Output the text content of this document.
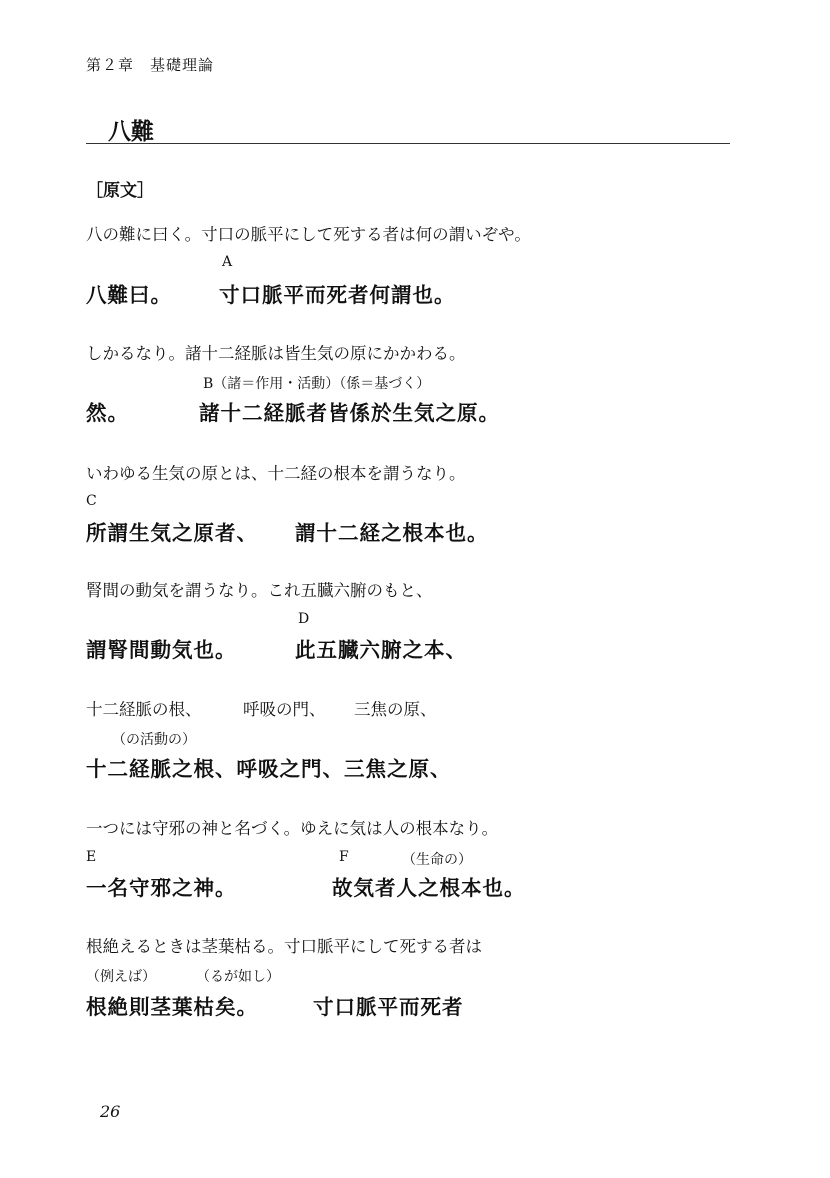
第２章　基礎理論
八難
［原文］
八の難に曰く。寸口の脈平にして死する者は何の謂いぞや。
A
八難曰。 寸口脈平而死者何謂也。
しかるなり。諸十二経脈は皆生気の原にかかわる。
B（諸＝作用・活動）（係＝基づく）
然。	諸十二経脈者皆係於生気之原。
いわゆる生気の原とは、十二経の根本を謂うなり。
C
所謂生気之原者、 謂十二経之根本也。
腎間の動気を謂うなり。これ五臓六腑のもと、
D
謂腎間動気也。	此五臓六腑之本、
十二経脈の根、	呼吸の門、 三焦の原、
（の活動の）
十二経脈之根、呼吸之門、三焦之原、
一つには守邪の神と名づく。ゆえに気は人の根本なり。
E	F	（生命の）
一名守邪之神。	故気者人之根本也。
根絶えるときは茎葉枯る。寸口脈平にして死する者は
（例えば）	（るが如し）
根絶則茎葉枯矣。	寸口脈平而死者
26
